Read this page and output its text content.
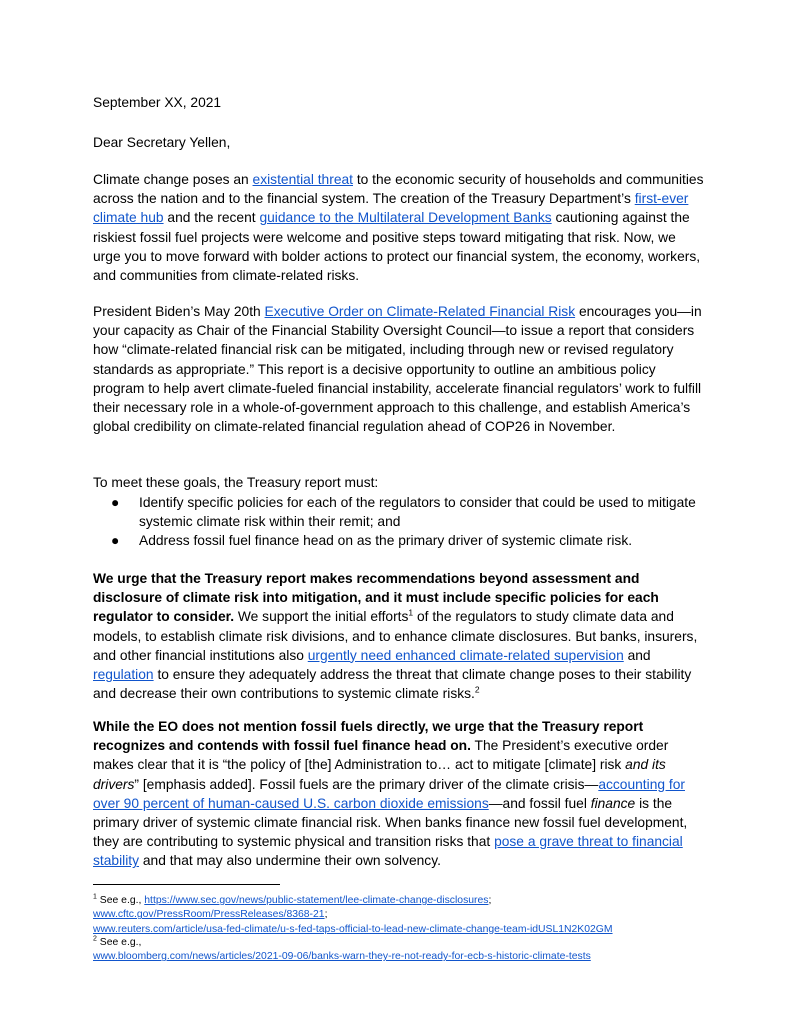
September XX, 2021

Dear Secretary Yellen,

Climate change poses an existential threat to the economic security of households and communities across the nation and to the financial system. The creation of the Treasury Department’s first-ever climate hub and the recent guidance to the Multilateral Development Banks cautioning against the riskiest fossil fuel projects were welcome and positive steps toward mitigating that risk. Now, we urge you to move forward with bolder actions to protect our financial system, the economy, workers, and communities from climate-related risks.

President Biden’s May 20th Executive Order on Climate-Related Financial Risk encourages you—in your capacity as Chair of the Financial Stability Oversight Council—to issue a report that considers how “climate-related financial risk can be mitigated, including through new or revised regulatory standards as appropriate.” This report is a decisive opportunity to outline an ambitious policy program to help avert climate-fueled financial instability, accelerate financial regulators’ work to fulfill their necessary role in a whole-of-government approach to this challenge, and establish America’s global credibility on climate-related financial regulation ahead of COP26 in November.

To meet these goals, the Treasury report must:

● Identify specific policies for each of the regulators to consider that could be used to mitigate systemic climate risk within their remit; and
● Address fossil fuel finance head on as the primary driver of systemic climate risk.

We urge that the Treasury report makes recommendations beyond assessment and disclosure of climate risk into mitigation, and it must include specific policies for each regulator to consider. We support the initial efforts$^1$ of the regulators to study climate data and models, to establish climate risk divisions, and to enhance climate disclosures. But banks, insurers, and other financial institutions also urgently need enhanced climate-related supervision and regulation to ensure they adequately address the threat that climate change poses to their stability and decrease their own contributions to systemic climate risks.$^2$

While the EO does not mention fossil fuels directly, we urge that the Treasury report recognizes and contends with fossil fuel finance head on. The President’s executive order makes clear that it is “the policy of [the] Administration to… act to mitigate [climate] risk and its drivers” [emphasis added]. Fossil fuels are the primary driver of the climate crisis—accounting for over 90 percent of human-caused U.S. carbon dioxide emissions—and fossil fuel finance is the primary driver of systemic climate financial risk. When banks finance new fossil fuel development, they are contributing to systemic physical and transition risks that pose a grave threat to financial stability and that may also undermine their own solvency.

$^1$ See e.g., https://www.sec.gov/news/public-statement/lee-climate-change-disclosures;
www.cftc.gov/PressRoom/PressReleases/8368-21;
www.reuters.com/article/usa-fed-climate/u-s-fed-taps-official-to-lead-new-climate-change-team-idUSL1N2K02GM

$^2$ See e.g.,
www.bloomberg.com/news/articles/2021-09-06/banks-warn-they-re-not-ready-for-ecb-s-historic-climate-tests
